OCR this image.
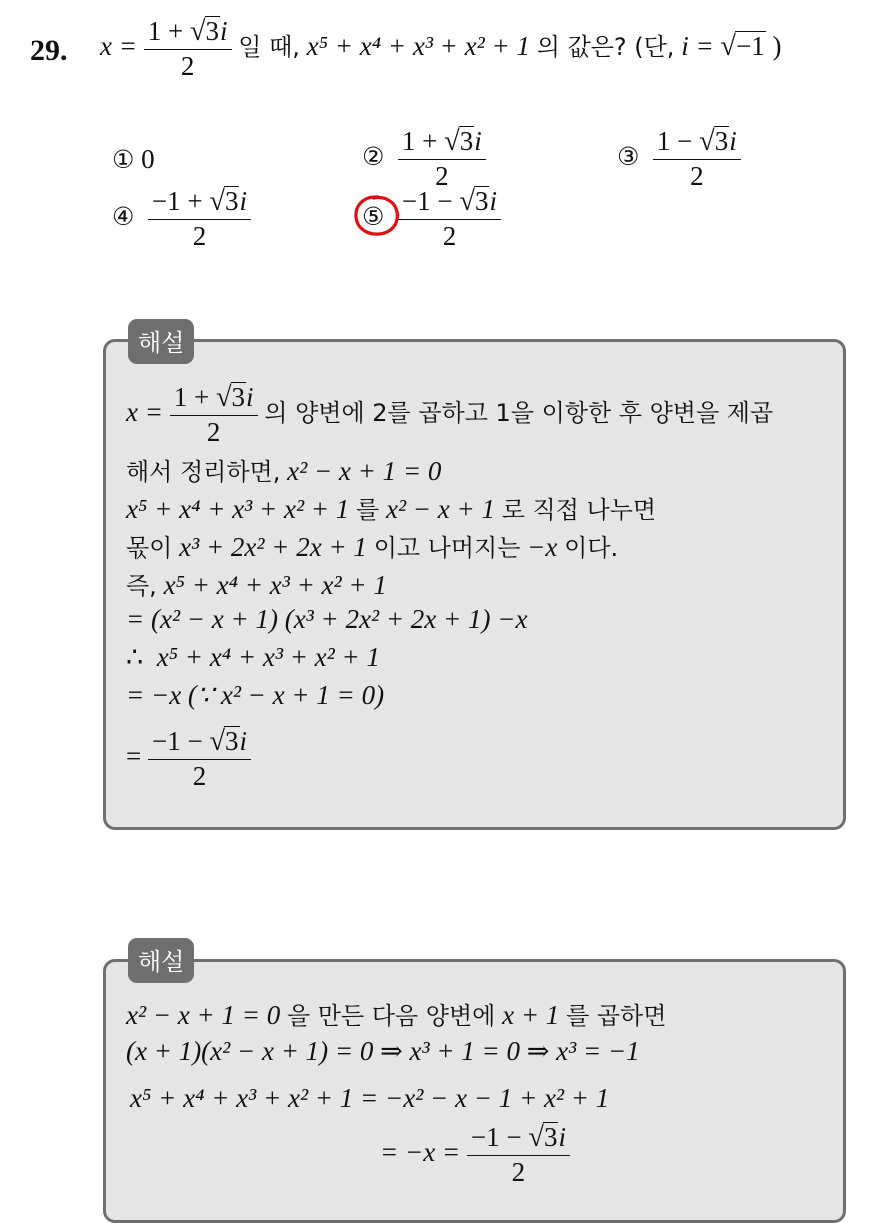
29. $x = \frac{1 + √3i}{2}$ 일 때, x⁵ + x⁴ + x³ + x² + 1 의 값은? (단, i = √−1 )
① 0	② $\frac{1 + √3i}{2}$	③ $\frac{1 - √3i}{2}$
④ $\frac{-1 + √3i}{2}$	⑤ $\frac{-1 - √3i}{2}$
해설
$x = \frac{1 + √3i}{2}$ 의 양변에 2를 곱하고 1을 이항한 후 양변을 제곱
해서 정리하면, x² − x + 1 = 0
x⁵ + x⁴ + x³ + x² + 1 를 x² − x + 1 로 직접 나누면
몫이 x³ + 2x² + 2x + 1 이고 나머지는 −x 이다.
즉, x⁵ + x⁴ + x³ + x² + 1
= (x² − x + 1) (x³ + 2x² + 2x + 1) −x
∴ x⁵ + x⁴ + x³ + x² + 1
= −x (∵ x² − x + 1 = 0)
= $\frac{-1 - √3i}{2}$
해설
x² − x + 1 = 0 을 만든 다음 양변에 x + 1 를 곱하면
(x + 1)(x² − x + 1) = 0 ⇒ x³ + 1 = 0 ⇒ x³ = −1
x⁵ + x⁴ + x³ + x² + 1 = −x² − x − 1 + x² + 1
= $-x = \frac{-1 - √3i}{2}$
